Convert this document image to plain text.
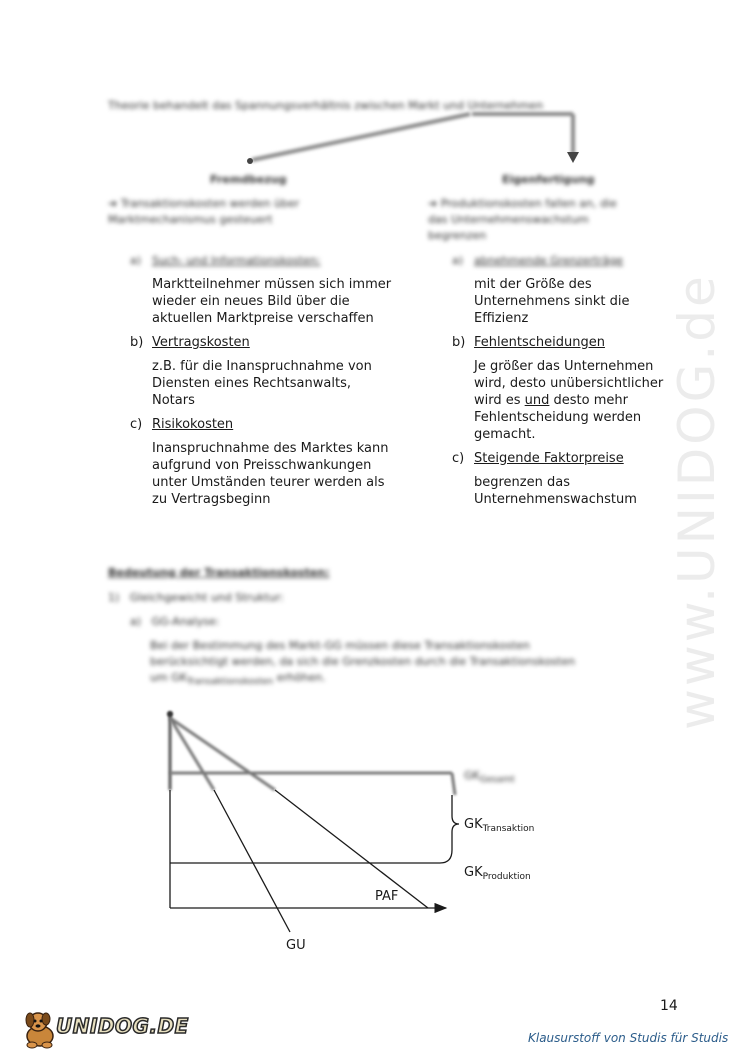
www.UNIDOG.de
Theorie behandelt das Spannungsverhältnis zwischen Markt und Unternehmen
Fremdbezug
➔ Transaktionskosten werden über
Marktmechanismus gesteuert
Eigenfertigung
➔ Produktionskosten fallen an, die
das Unternehmenswachstum
begrenzen
a) Such- und Informationskosten:
Marktteilnehmer müssen sich immer
wieder ein neues Bild über die
aktuellen Marktpreise verschaffen
b) Vertragskosten
z.B. für die Inanspruchnahme von
Diensten eines Rechtsanwalts,
Notars
c) Risikokosten
Inanspruchnahme des Marktes kann
aufgrund von Preisschwankungen
unter Umständen teurer werden als
zu Vertragsbeginn
a) abnehmende Grenzerträge
mit der Größe des
Unternehmens sinkt die
Effizienz
b) Fehlentscheidungen
Je größer das Unternehmen
wird, desto unübersichtlicher
wird es und desto mehr
Fehlentscheidung werden
gemacht.
c) Steigende Faktorpreise
begrenzen das
Unternehmenswachstum
Bedeutung der Transaktionskosten:
1)   Gleichgewicht und Struktur:
a)   GG-Analyse:
Bei der Bestimmung des Markt-GG müssen diese Transaktionskosten
berücksichtigt werden, da sich die Grenzkosten durch die Transaktionskosten
um $GK_{Transaktionskosten}$ erhöhen.
$GK_{Gesamt}$
$GK_{Transaktion}$
$GK_{Produktion}$
PAF
GU
14
UNIDOG.DE	Klausurstoff von Studis für Studis
